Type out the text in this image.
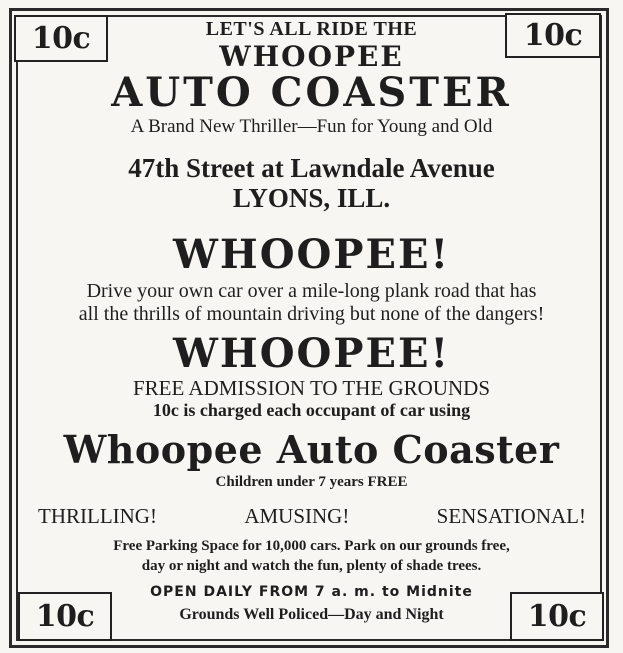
10c	10c
10c	10c
LET'S ALL RIDE THE
WHOOPEE
AUTO COASTER
A Brand New Thriller—Fun for Young and Old
47th Street at Lawndale Avenue
LYONS, ILL.
WHOOPEE!
Drive your own car over a mile-long plank road that has
all the thrills of mountain driving but none of the dangers!
WHOOPEE!
FREE ADMISSION TO THE GROUNDS
10c is charged each occupant of car using
Whoopee Auto Coaster
Children under 7 years FREE
THRILLING!	AMUSING!	SENSATIONAL!
Free Parking Space for 10,000 cars. Park on our grounds free,
day or night and watch the fun, plenty of shade trees.
OPEN DAILY FROM 7 a. m. to Midnite
Grounds Well Policed—Day and Night
